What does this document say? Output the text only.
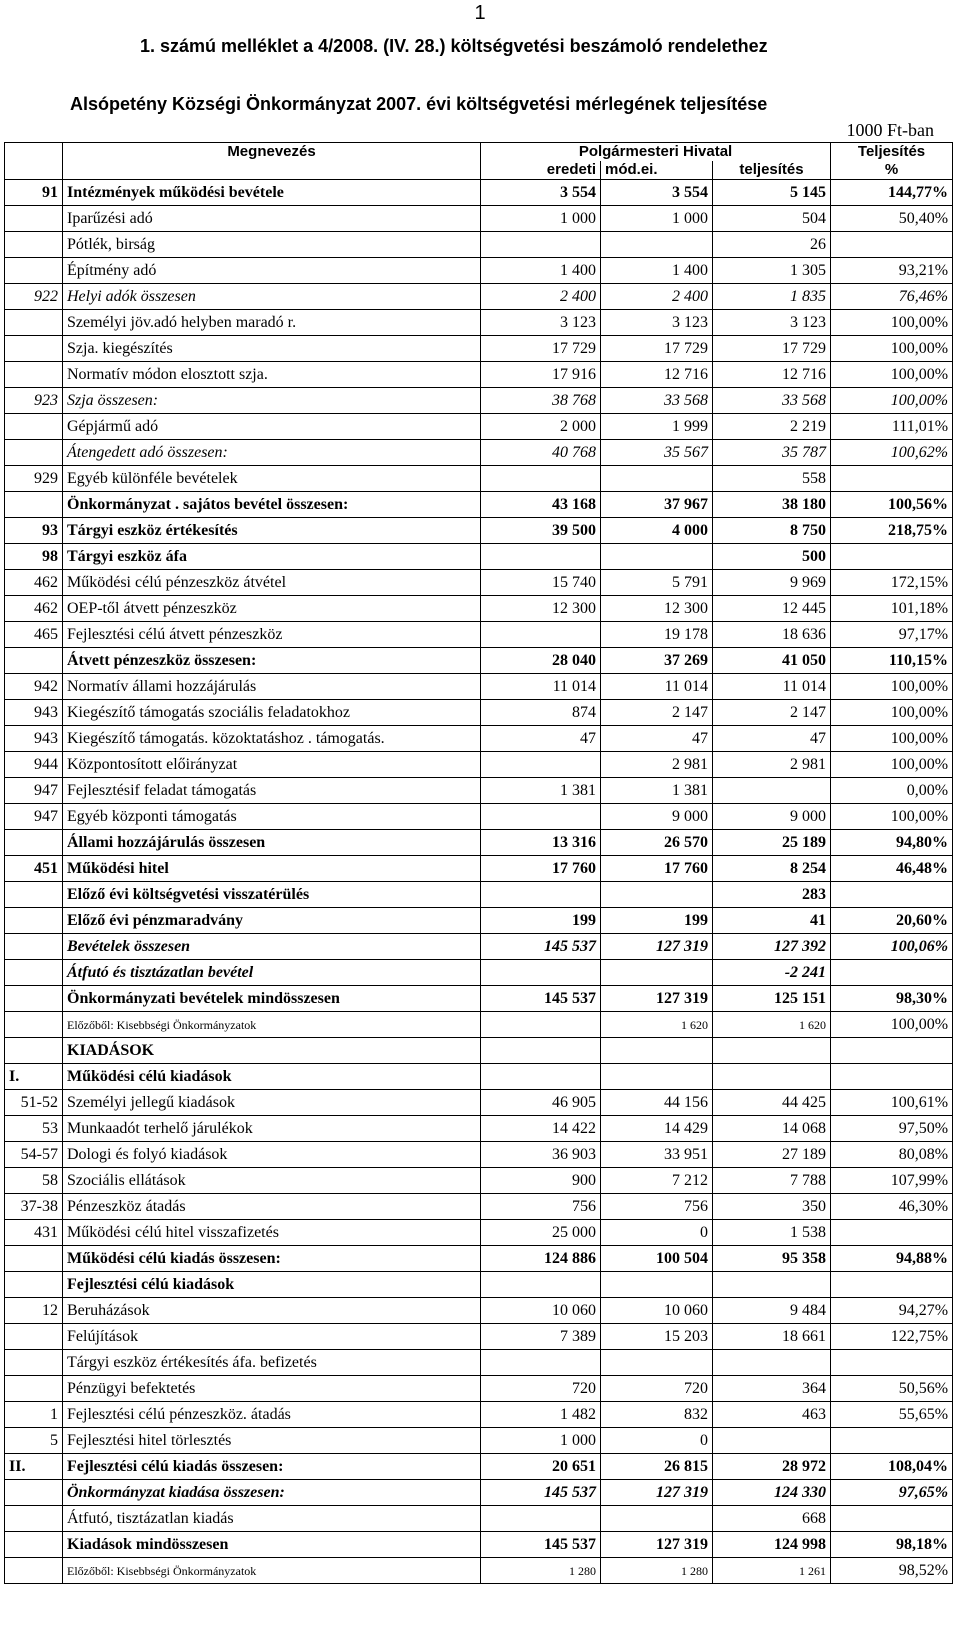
1
1. számú melléklet a 4/2008. (IV. 28.) költségvetési beszámoló rendelethez
Alsópetény Községi Önkormányzat 2007. évi költségvetési mérlegének teljesítése
1000 Ft-ban
	Megnevezés	Polgármesteri Hivatal			Teljesítés
		eredeti	mód.ei.	teljesítés	%
91	Intézmények működési bevétele	3 554	3 554	5 145	144,77%
	Iparűzési adó	1 000	1 000	504	50,40%
	Pótlék, birság			26	
	Építmény adó	1 400	1 400	1 305	93,21%
922	Helyi adók összesen	2 400	2 400	1 835	76,46%
	Személyi jöv.adó helyben maradó r.	3 123	3 123	3 123	100,00%
	Szja. kiegészítés	17 729	17 729	17 729	100,00%
	Normatív módon elosztott szja.	17 916	12 716	12 716	100,00%
923	Szja összesen:	38 768	33 568	33 568	100,00%
	Gépjármű adó	2 000	1 999	2 219	111,01%
	Átengedett adó összesen:	40 768	35 567	35 787	100,62%
929	Egyéb különféle bevételek			558	
	Önkormányzat . sajátos bevétel összesen:	43 168	37 967	38 180	100,56%
93	Tárgyi eszköz értékesítés	39 500	4 000	8 750	218,75%
98	Tárgyi eszköz áfa			500	
462	Működési célú pénzeszköz átvétel	15 740	5 791	9 969	172,15%
462	OEP-től átvett pénzeszköz	12 300	12 300	12 445	101,18%
465	Fejlesztési célú átvett pénzeszköz		19 178	18 636	97,17%
	Átvett pénzeszköz összesen:	28 040	37 269	41 050	110,15%
942	Normatív állami hozzájárulás	11 014	11 014	11 014	100,00%
943	Kiegészítő támogatás szociális feladatokhoz	874	2 147	2 147	100,00%
943	Kiegészítő támogatás. közoktatáshoz . támogatás.	47	47	47	100,00%
944	Központosított előirányzat		2 981	2 981	100,00%
947	Fejlesztésif feladat támogatás	1 381	1 381		0,00%
947	Egyéb központi támogatás		9 000	9 000	100,00%
	Állami hozzájárulás összesen	13 316	26 570	25 189	94,80%
451	Működési hitel	17 760	17 760	8 254	46,48%
	Előző évi költségvetési visszatérülés			283	
	Előző évi pénzmaradvány	199	199	41	20,60%
	Bevételek összesen	145 537	127 319	127 392	100,06%
	Átfutó és tisztázatlan bevétel			-2 241	
	Önkormányzati bevételek mindösszesen	145 537	127 319	125 151	98,30%
	Előzőből: Kisebbségi Önkormányzatok		1 620	1 620	100,00%
	KIADÁSOK				
I.	Működési célú kiadások				
51-52	Személyi jellegű kiadások	46 905	44 156	44 425	100,61%
53	Munkaadót terhelő járulékok	14 422	14 429	14 068	97,50%
54-57	Dologi és folyó kiadások	36 903	33 951	27 189	80,08%
58	Szociális ellátások	900	7 212	7 788	107,99%
37-38	Pénzeszköz átadás	756	756	350	46,30%
431	Működési célú hitel visszafizetés	25 000	0	1 538	
	Működési célú kiadás összesen:	124 886	100 504	95 358	94,88%
	Fejlesztési célú kiadások				
12	Beruházások	10 060	10 060	9 484	94,27%
	Felújítások	7 389	15 203	18 661	122,75%
	Tárgyi eszköz értékesítés áfa. befizetés				
	Pénzügyi befektetés	720	720	364	50,56%
1	Fejlesztési célú pénzeszköz. átadás	1 482	832	463	55,65%
5	Fejlesztési hitel törlesztés	1 000	0		
II.	Fejlesztési célú kiadás összesen:	20 651	26 815	28 972	108,04%
	Önkormányzat kiadása összesen:	145 537	127 319	124 330	97,65%
	Átfutó, tisztázatlan kiadás			668	
	Kiadások mindösszesen	145 537	127 319	124 998	98,18%
	Előzőből: Kisebbségi Önkormányzatok	1 280	1 280	1 261	98,52%
